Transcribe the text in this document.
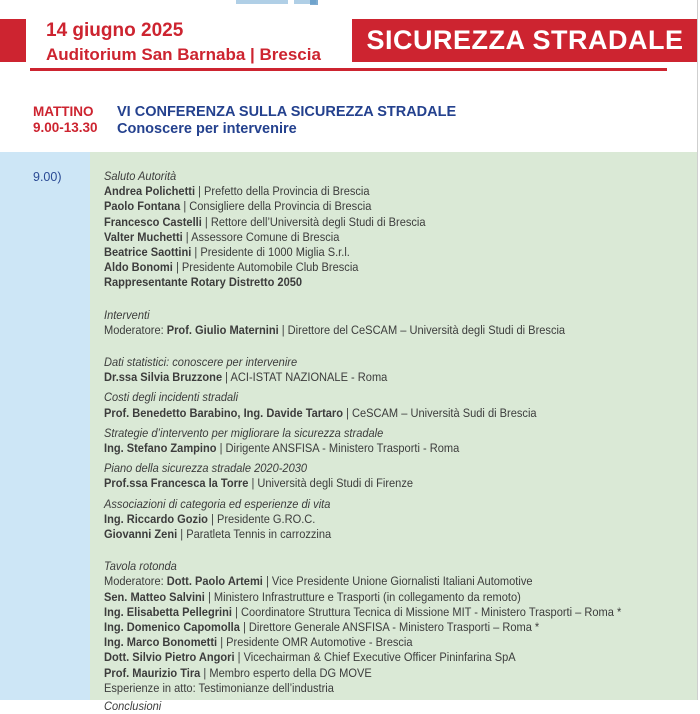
14 giugno 2025
Auditorium San Barnaba | Brescia SICUREZZA STRADALE
MATTINO
9.00-13.30
VI CONFERENZA SULLA SICUREZZA STRADALE
Conoscere per intervenire
9.00)	Saluto Autorità
Andrea Polichetti | Prefetto della Provincia di Brescia
Paolo Fontana | Consigliere della Provincia di Brescia
Francesco Castelli | Rettore dell’Università degli Studi di Brescia
Valter Muchetti | Assessore Comune di Brescia
Beatrice Saottini | Presidente di 1000 Miglia S.r.l.
Aldo Bonomi | Presidente Automobile Club Brescia
Rappresentante Rotary Distretto 2050
Interventi
Moderatore: Prof. Giulio Maternini | Direttore del CeSCAM – Università degli Studi di Brescia
Dati statistici: conoscere per intervenire
Dr.ssa Silvia Bruzzone | ACI-ISTAT NAZIONALE - Roma
Costi degli incidenti stradali
Prof. Benedetto Barabino, Ing. Davide Tartaro | CeSCAM – Università Sudi di Brescia
Strategie d’intervento per migliorare la sicurezza stradale
Ing. Stefano Zampino | Dirigente ANSFISA - Ministero Trasporti - Roma
Piano della sicurezza stradale 2020-2030
Prof.ssa Francesca la Torre | Università degli Studi di Firenze
Associazioni di categoria ed esperienze di vita
Ing. Riccardo Gozio | Presidente G.RO.C.
Giovanni Zeni | Paratleta Tennis in carrozzina
Tavola rotonda
Moderatore: Dott. Paolo Artemi | Vice Presidente Unione Giornalisti Italiani Automotive
Sen. Matteo Salvini | Ministero Infrastrutture e Trasporti (in collegamento da remoto)
Ing. Elisabetta Pellegrini | Coordinatore Struttura Tecnica di Missione MIT - Ministero Trasporti – Roma *
Ing. Domenico Capomolla | Direttore Generale ANSFISA - Ministero Trasporti – Roma *
Ing. Marco Bonometti | Presidente OMR Automotive - Brescia
Dott. Silvio Pietro Angori | Vicechairman & Chief Executive Officer Pininfarina SpA
Prof. Maurizio Tira | Membro esperto della DG MOVE
Esperienze in atto: Testimonianze dell’industria
Conclusioni
